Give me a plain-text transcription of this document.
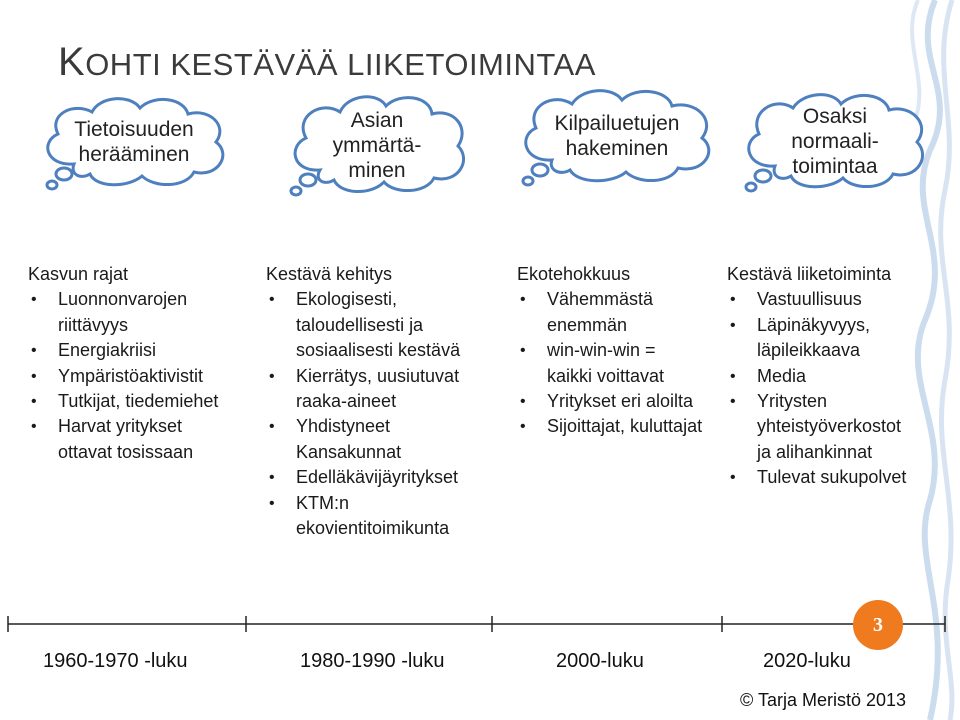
KOHTI KESTÄVÄÄ LIIKETOIMINTAA
Tietoisuuden
herääminen
Asian
ymmärtä-
minen
Kilpailuetujen
hakeminen
Osaksi
normaali-
toimintaa
Kasvun rajat
• Luonnonvarojen
riittävyys
• Energiakriisi
• Ympäristöaktivistit
• Tutkijat, tiedemiehet
• Harvat yritykset
ottavat tosissaan
Kestävä kehitys
• Ekologisesti,
taloudellisesti ja
sosiaalisesti kestävä
• Kierrätys, uusiutuvat
raaka-aineet
• Yhdistyneet
Kansakunnat
• Edelläkävijäyritykset
• KTM:n
ekovientitoimikunta
Ekotehokkuus
• Vähemmästä
enemmän
• win-win-win =
kaikki voittavat
• Yritykset eri aloilta
• Sijoittajat, kuluttajat
Kestävä liiketoiminta
• Vastuullisuus
• Läpinäkyvyys,
läpileikkaava
• Media
• Yritysten
yhteistyöverkostot
ja alihankinnat
• Tulevat sukupolvet
1960-1970 -luku	1980-1990 -luku	2000-luku	2020-luku
3
© Tarja Meristö 2013
